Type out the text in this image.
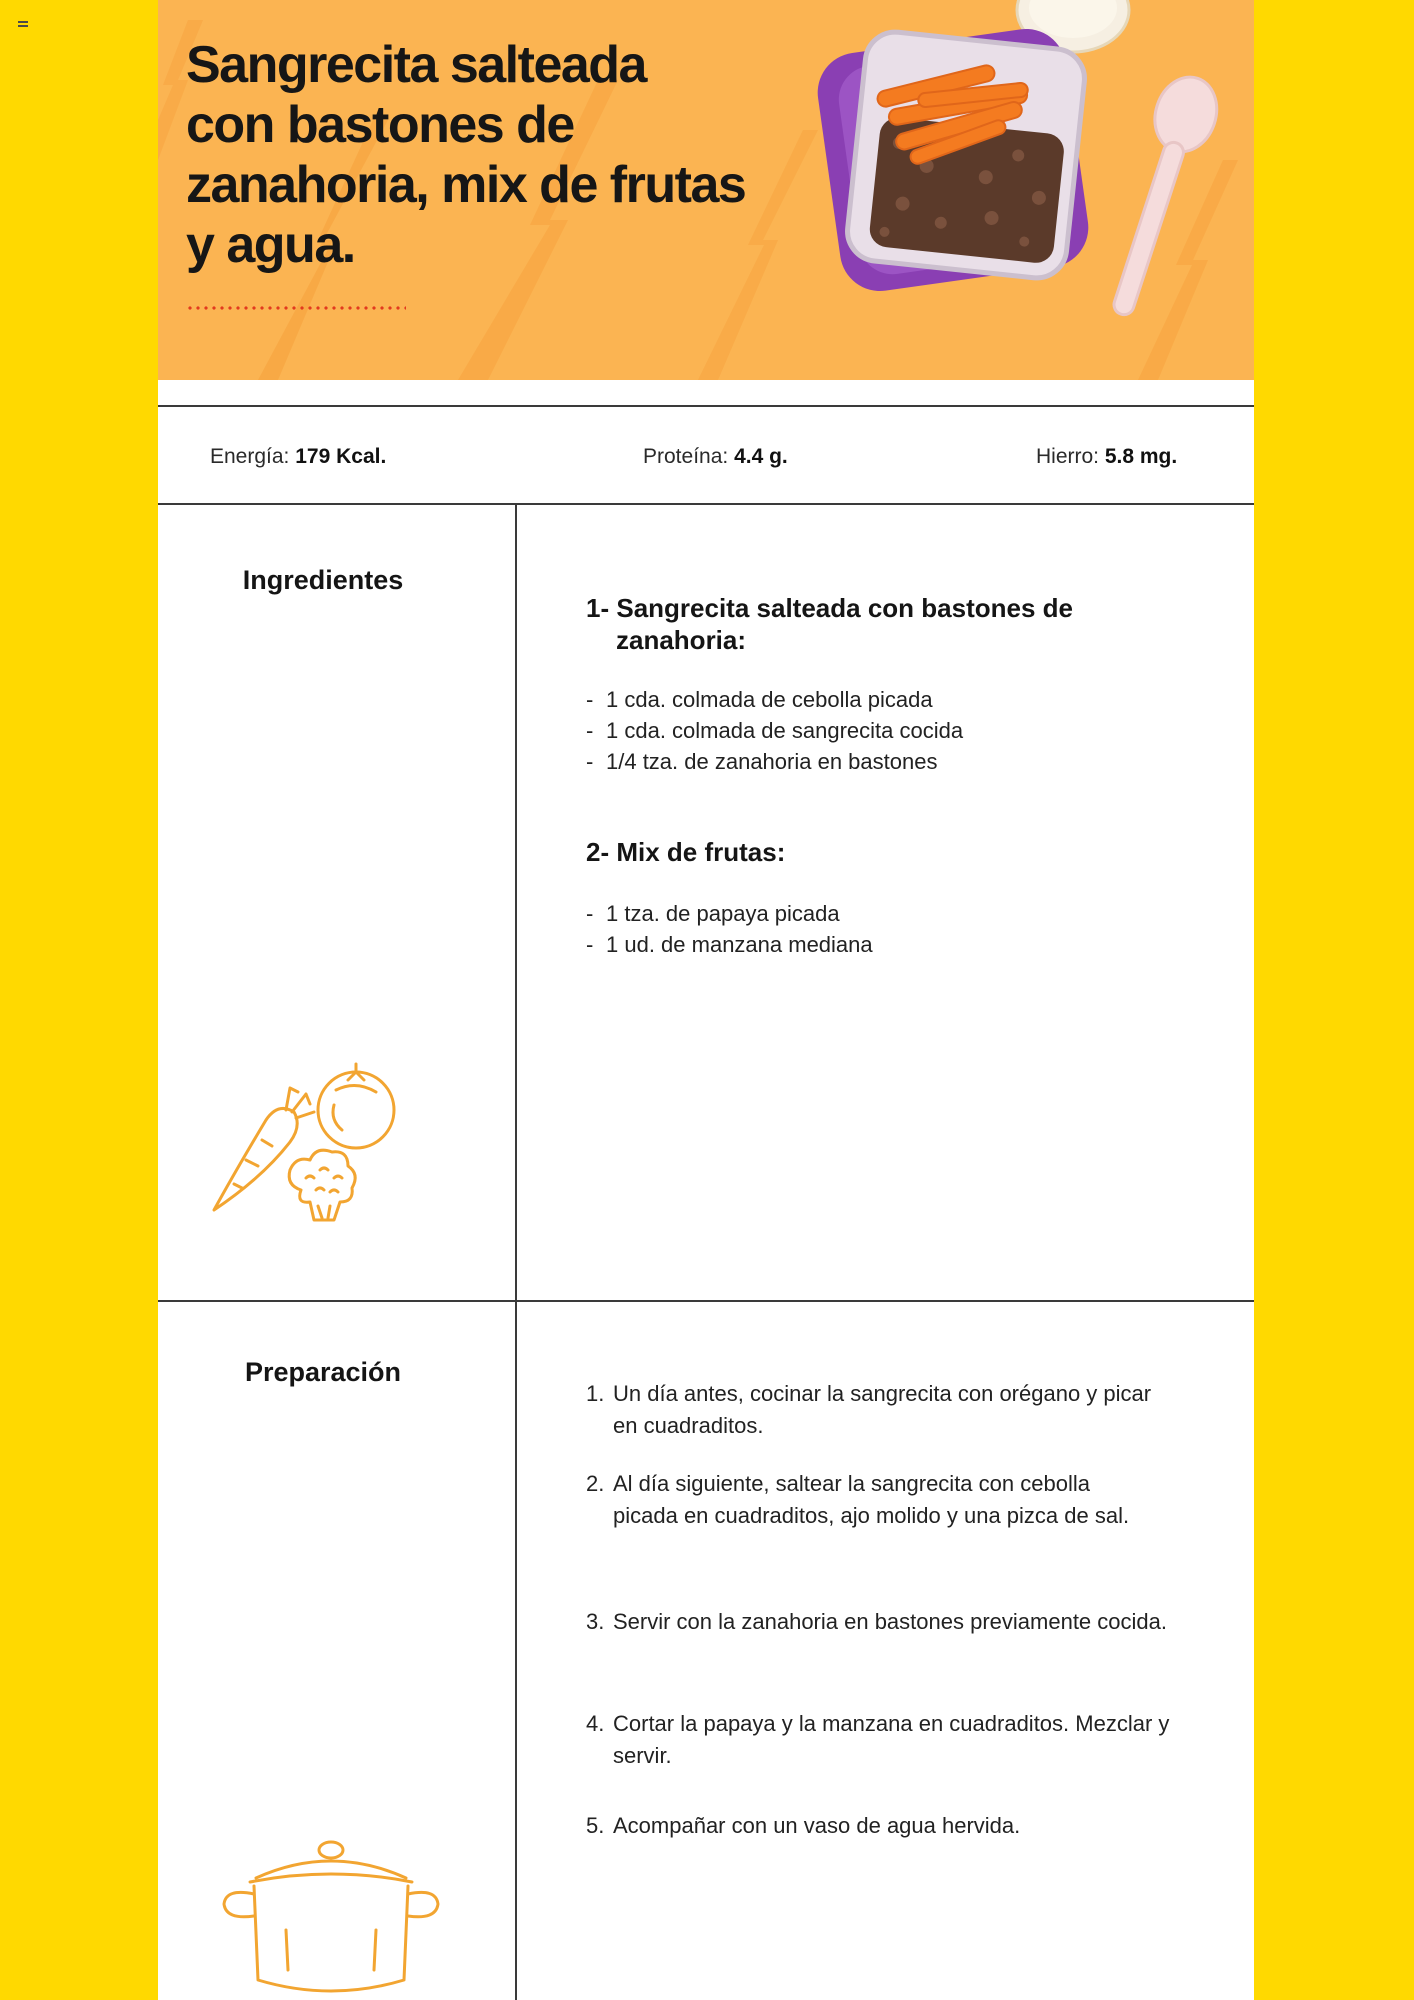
Sangrecita salteada con bastones de zanahoria, mix de frutas y agua.
Energía: 179 Kcal.	Proteína: 4.4 g.	Hierro: 5.8 mg.
Ingredientes
1- Sangrecita salteada con bastones de
zanahoria:
- 1 cda. colmada de cebolla picada
- 1 cda. colmada de sangrecita cocida
- 1/4 tza. de zanahoria en bastones
2- Mix de frutas:
- 1 tza. de papaya picada
- 1 ud. de manzana mediana
Preparación
1. Un día antes, cocinar la sangrecita con orégano y picar en cuadraditos.
2. Al día siguiente, saltear la sangrecita con cebolla picada en cuadraditos, ajo molido y una pizca de sal.
3. Servir con la zanahoria en bastones previamente cocida.
4. Cortar la papaya y la manzana en cuadraditos. Mezclar y servir.
5. Acompañar con un vaso de agua hervida.
